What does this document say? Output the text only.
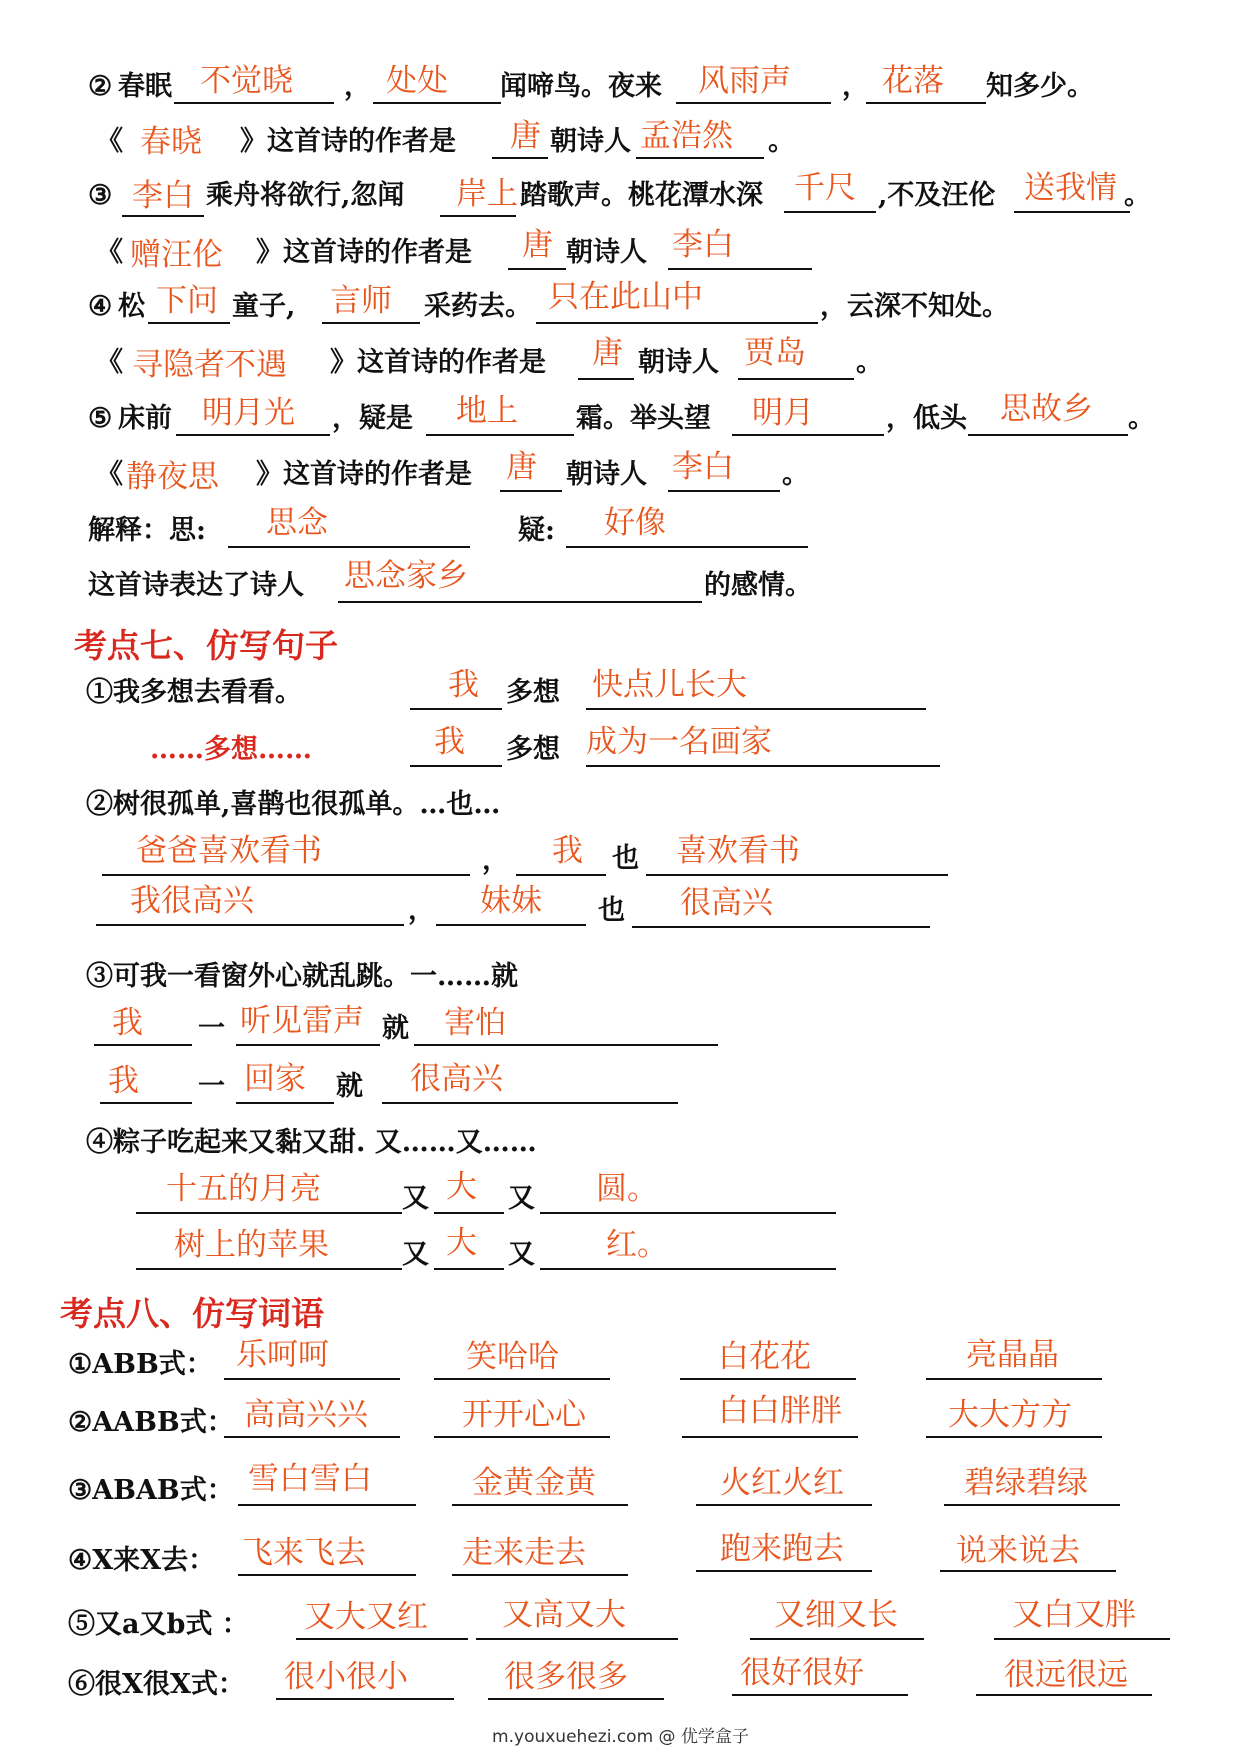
② 春眠 不觉晓 ， 处处 闻啼鸟。夜来 风雨声 ， 花落 知多少。
《 春晓 》这首诗的作者是 唐 朝诗人 孟浩然 。
③ 李白 乘舟将欲行,忽闻 岸上 踏歌声。桃花潭水深 千尺 ,不及汪伦 送我情 。
《 赠汪伦 》这首诗的作者是 唐 朝诗人 李白
④ 松 下问 童子, 言师 采药去。 只在此山中	，云深不知处。
《 寻隐者不遇 》这首诗的作者是 唐 朝诗人 贾岛 。
⑤ 床前 明月光 ，疑是 地上 霜。举头望 明月	，低头 思故乡 。
《 静夜思 》这首诗的作者是 唐 朝诗人 李白 。
解释：思: 思念	疑: 好像
这首诗表达了诗人 思念家乡	的感情。
考点七、仿写句子
①我多想去看看。	我 多想 快点儿长大
……多想……	我 多想 成为一名画家
②树很孤单,喜鹊也很孤单。…也…
爸爸喜欢看书	， 我 也 喜欢看书
我很高兴	， 妹妹 也 很高兴
③可我一看窗外心就乱跳。一……就
我 一 听见雷声 就 害怕
我 一 回家 就 很高兴
④粽子吃起来又黏又甜. 又……又……
十五的月亮	又 大 又 圆。
树上的苹果	又 大 又 红。
考点八、仿写词语
①ABB式： 乐呵呵	笑哈哈	白花花	亮晶晶
②AABB式： 高高兴兴	开开心心	白白胖胖	大大方方
③ABAB式： 雪白雪白	金黄金黄	火红火红	碧绿碧绿
④X来X去： 飞来飞去	走来走去	跑来跑去	说来说去
⑤又a又b式 ： 又大又红 又高又大	又细又长	又白又胖
⑥很X很X式： 很小很小	很多很多	很好很好	很远很远
m.youxuehezi.com @ 优学盒子
